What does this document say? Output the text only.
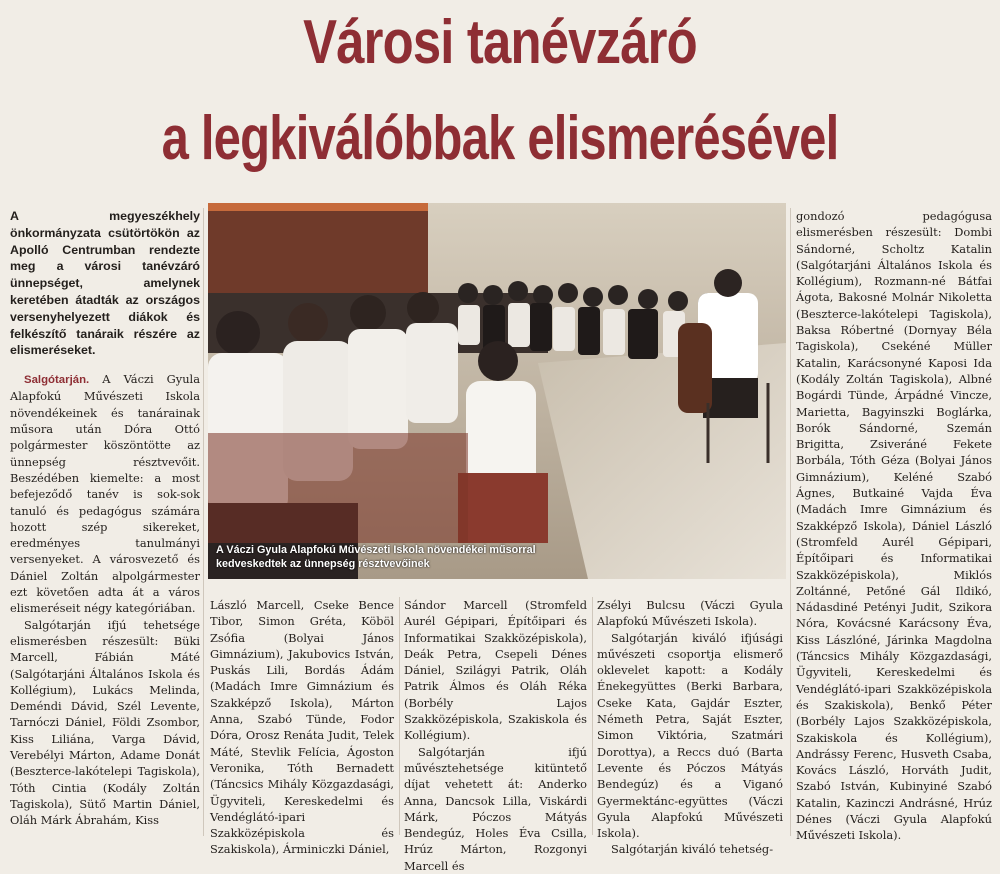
Városi tanévzáró
a legkiválóbbak elismerésével

A megyeszékhely önkormányzata csütörtökön az Apolló Centrumban rendezte meg a városi tanévzáró ünnepséget, amelynek keretében átadták az országos versenyhelyezett diákok és felkészítő tanáraik részére az elismeréseket.

Salgótarján. A Váczi Gyula Alapfokú Művészeti Iskola növendékeinek és tanárainak műsora után Dóra Ottó polgármester köszöntötte az ünnepség résztvevőit. Beszédében kiemelte: a most befejeződő tanév is sok-sok tanuló és pedagógus számára hozott szép sikereket, eredményes tanulmányi versenyeket. A városvezető és Dániel Zoltán alpolgármester ezt követően adta át a város elismeréseit négy kategóriában.

Salgótarján ifjú tehetsége elismerésben részesült: Büki Marcell, Fábián Máté (Salgótarjáni Általános Iskola és Kollégium), Lukács Melinda, Deméndi Dávid, Szél Levente, Tarnóczi Dániel, Földi Zsombor, Kiss Liliána, Varga Dávid, Verebélyi Márton, Adame Donát (Beszterce-lakótelepi Tagiskola), Tóth Cintia (Kodály Zoltán Tagiskola), Sütő Martin Dániel, Oláh Márk Ábrahám, Kiss

A Váczi Gyula Alapfokú Művészeti Iskola növendékei műsorral kedveskedtek az ünnepség résztvevőinek

László Marcell, Cseke Bence Tibor, Simon Gréta, Köböl Zsófia (Bolyai János Gimnázium), Jakubovics István, Puskás Lili, Bordás Ádám (Madách Imre Gimnázium és Szakképző Iskola), Márton Anna, Szabó Tünde, Fodor Dóra, Orosz Renáta Judit, Telek Máté, Stevlik Felícia, Ágoston Veronika, Tóth Bernadett (Táncsics Mihály Közgazdasági, Ügyviteli, Kereskedelmi és Vendéglátó-ipari Szakközépiskola és Szakiskola), Árminiczki Dániel,

Sándor Marcell (Stromfeld Aurél Gépipari, Építőipari és Informatikai Szakközépiskola), Deák Petra, Csepeli Dénes Dániel, Szilágyi Patrik, Oláh Patrik Álmos és Oláh Réka (Borbély Lajos Szakközépiskola, Szakiskola és Kollégium).

Salgótarján ifjú művésztehetsége kitüntető díjat vehetett át: Anderko Anna, Dancsok Lilla, Viskárdi Márk, Póczos Mátyás Bendegúz, Holes Éva Csilla, Hrúz Márton, Rozgonyi Marcell és

Zsélyi Bulcsu (Váczi Gyula Alapfokú Művészeti Iskola).

Salgótarján kiváló ifjúsági művészeti csoportja elismerő oklevelet kapott: a Kodály Énekegyüttes (Berki Barbara, Cseke Kata, Gajdár Eszter, Németh Petra, Saját Eszter, Simon Viktória, Szatmári Dorottya), a Reccs duó (Barta Levente és Póczos Mátyás Bendegúz) és a Viganó Gyermektánc-együttes (Váczi Gyula Alapfokú Művészeti Iskola).

Salgótarján kiváló tehetség-

gondozó pedagógusa elismerésben részesült: Dombi Sándorné, Scholtz Katalin (Salgótarjáni Általános Iskola és Kollégium), Rozmann-né Bátfai Ágota, Bakosné Molnár Nikoletta (Beszterce-lakótelepi Tagiskola), Baksa Róbertné (Dornyay Béla Tagiskola), Csekéné Müller Katalin, Karácsonyné Kaposi Ida (Kodály Zoltán Tagiskola), Albné Bogárdi Tünde, Árpádné Vincze, Marietta, Bagyinszki Boglárka, Borók Sándorné, Szemán Brigitta, Zsiveráné Fekete Borbála, Tóth Géza (Bolyai János Gimnázium), Keléné Szabó Ágnes, Butkainé Vajda Éva (Madách Imre Gimnázium és Szakképző Iskola), Dániel László (Stromfeld Aurél Gépipari, Építőipari és Informatikai Szakközépiskola), Miklós Zoltánné, Petőné Gál Ildikó, Nádasdiné Petényi Judit, Szikora Nóra, Kovácsné Karácsony Éva, Kiss Lászlóné, Járinka Magdolna (Táncsics Mihály Közgazdasági, Ügyviteli, Kereskedelmi és Vendéglátó-ipari Szakközépiskola és Szakiskola), Benkő Péter (Borbély Lajos Szakközépiskola, Szakiskola és Kollégium), Andrássy Ferenc, Husveth Csaba, Kovács László, Horváth Judit, Szabó István, Kubinyiné Szabó Katalin, Kazinczi Andrásné, Hrúz Dénes (Váczi Gyula Alapfokú Művészeti Iskola).
